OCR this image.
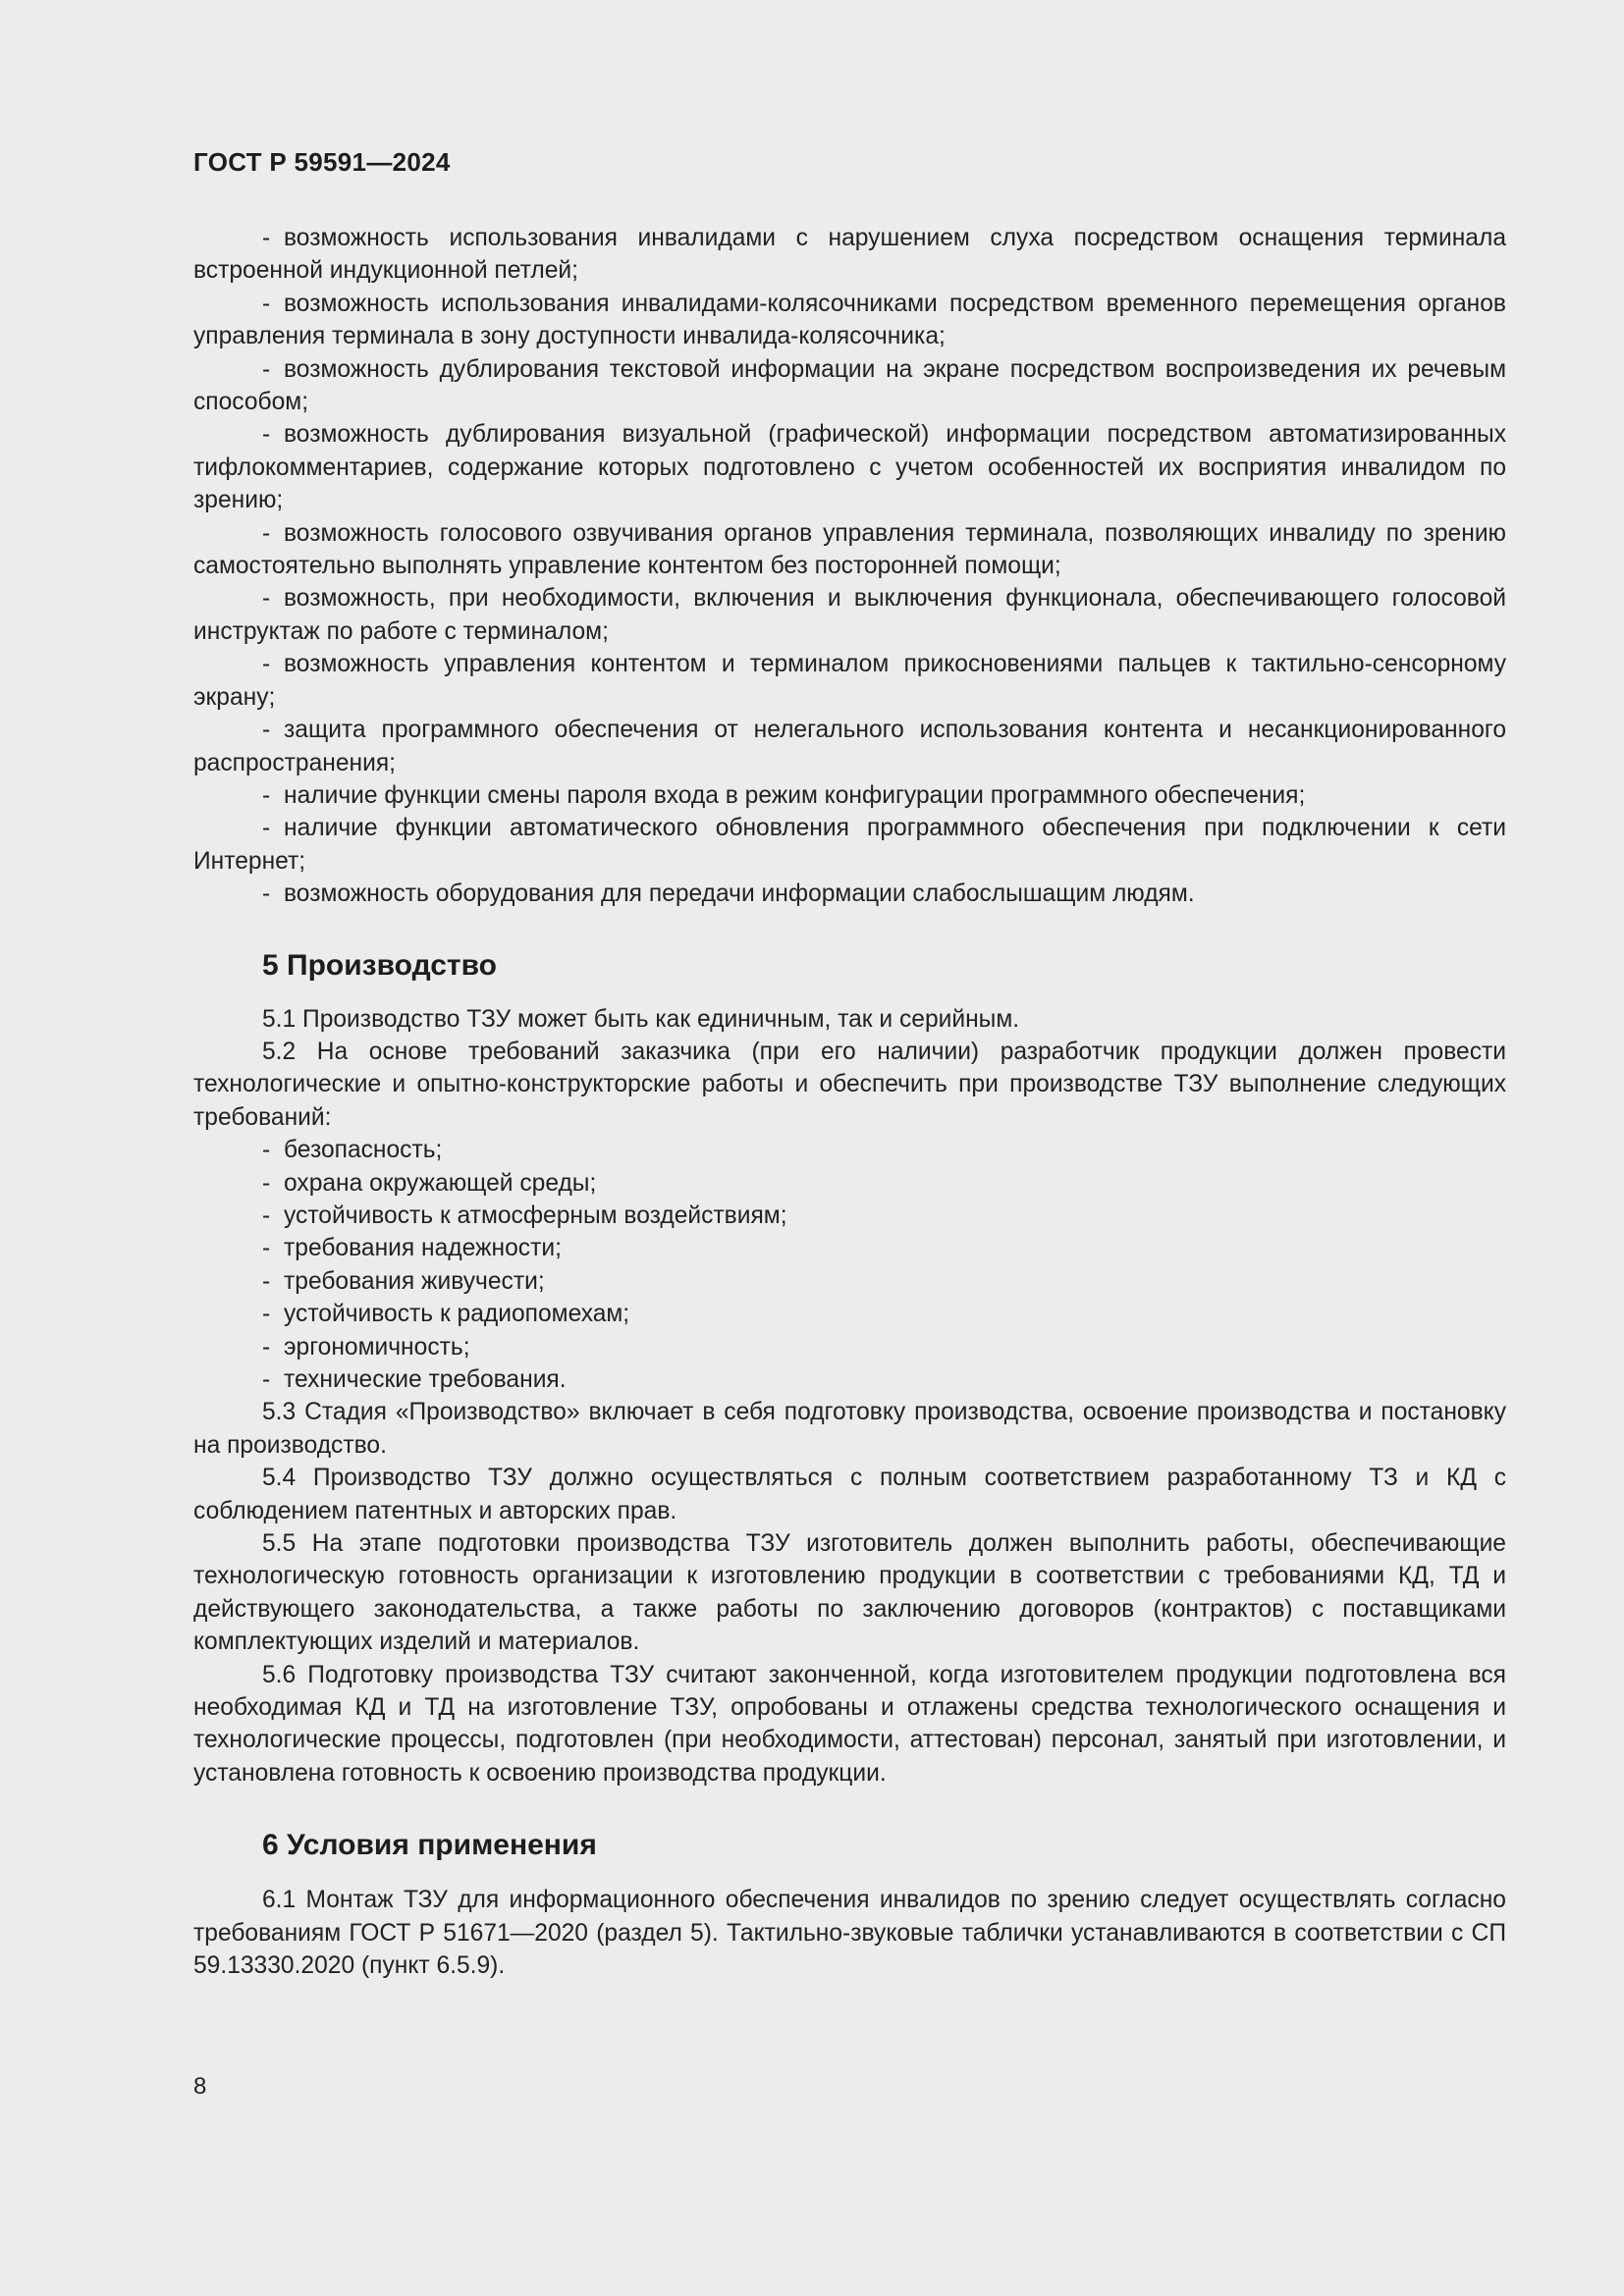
ГОСТ Р 59591—2024

- возможность использования инвалидами с нарушением слуха посредством оснащения терминала встроенной индукционной петлей;

- возможность использования инвалидами-колясочниками посредством временного перемещения органов управления терминала в зону доступности инвалида-колясочника;

- возможность дублирования текстовой информации на экране посредством воспроизведения их речевым способом;

- возможность дублирования визуальной (графической) информации посредством автоматизированных тифлокомментариев, содержание которых подготовлено с учетом особенностей их восприятия инвалидом по зрению;

- возможность голосового озвучивания органов управления терминала, позволяющих инвалиду по зрению самостоятельно выполнять управление контентом без посторонней помощи;

- возможность, при необходимости, включения и выключения функционала, обеспечивающего голосовой инструктаж по работе с терминалом;

- возможность управления контентом и терминалом прикосновениями пальцев к тактильно-сенсорному экрану;

- защита программного обеспечения от нелегального использования контента и несанкционированного распространения;

- наличие функции смены пароля входа в режим конфигурации программного обеспечения;

- наличие функции автоматического обновления программного обеспечения при подключении к сети Интернет;

- возможность оборудования для передачи информации слабослышащим людям.

5 Производство

5.1 Производство ТЗУ может быть как единичным, так и серийным.

5.2 На основе требований заказчика (при его наличии) разработчик продукции должен провести технологические и опытно-конструкторские работы и обеспечить при производстве ТЗУ выполнение следующих требований:

- безопасность;

- охрана окружающей среды;

- устойчивость к атмосферным воздействиям;

- требования надежности;

- требования живучести;

- устойчивость к радиопомехам;

- эргономичность;

- технические требования.

5.3 Стадия «Производство» включает в себя подготовку производства, освоение производства и постановку на производство.

5.4 Производство ТЗУ должно осуществляться с полным соответствием разработанному ТЗ и КД с соблюдением патентных и авторских прав.

5.5 На этапе подготовки производства ТЗУ изготовитель должен выполнить работы, обеспечивающие технологическую готовность организации к изготовлению продукции в соответствии с требованиями КД, ТД и действующего законодательства, а также работы по заключению договоров (контрактов) с поставщиками комплектующих изделий и материалов.

5.6 Подготовку производства ТЗУ считают законченной, когда изготовителем продукции подготовлена вся необходимая КД и ТД на изготовление ТЗУ, опробованы и отлажены средства технологического оснащения и технологические процессы, подготовлен (при необходимости, аттестован) персонал, занятый при изготовлении, и установлена готовность к освоению производства продукции.

6 Условия применения

6.1 Монтаж ТЗУ для информационного обеспечения инвалидов по зрению следует осуществлять согласно требованиям ГОСТ Р 51671—2020 (раздел 5). Тактильно-звуковые таблички устанавливаются в соответствии с СП 59.13330.2020 (пункт 6.5.9).

8
